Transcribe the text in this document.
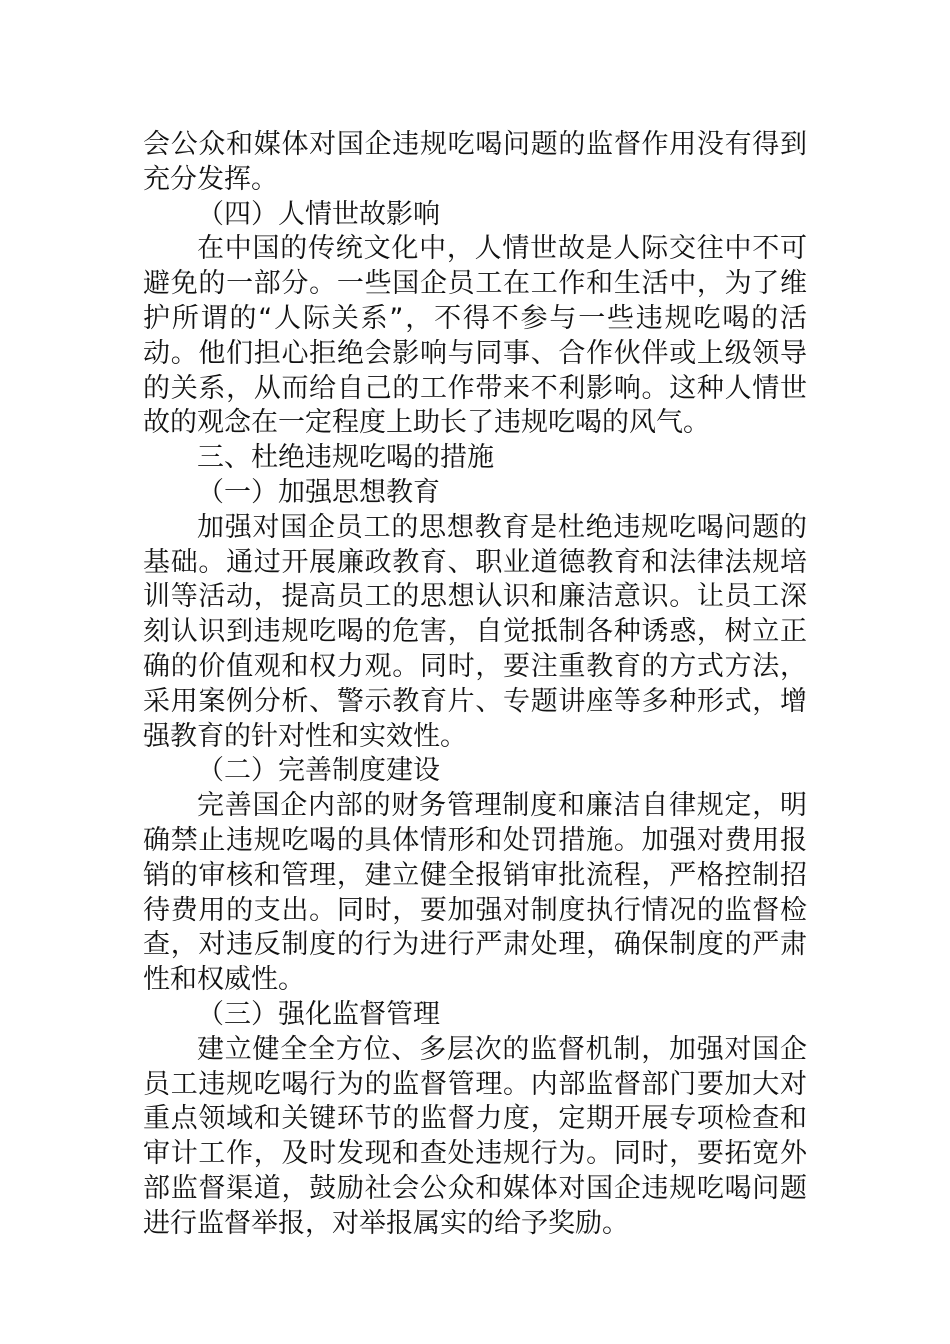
会公众和媒体对国企违规吃喝问题的监督作用没有得到充分发挥。

（四）人情世故影响

在中国的传统文化中，人情世故是人际交往中不可避免的一部分。一些国企员工在工作和生活中，为了维护所谓的“人际关系”，不得不参与一些违规吃喝的活动。他们担心拒绝会影响与同事、合作伙伴或上级领导的关系，从而给自己的工作带来不利影响。这种人情世故的观念在一定程度上助长了违规吃喝的风气。

三、杜绝违规吃喝的措施

（一）加强思想教育

加强对国企员工的思想教育是杜绝违规吃喝问题的基础。通过开展廉政教育、职业道德教育和法律法规培训等活动，提高员工的思想认识和廉洁意识。让员工深刻认识到违规吃喝的危害，自觉抵制各种诱惑，树立正确的价值观和权力观。同时，要注重教育的方式方法，采用案例分析、警示教育片、专题讲座等多种形式，增强教育的针对性和实效性。

（二）完善制度建设

完善国企内部的财务管理制度和廉洁自律规定，明确禁止违规吃喝的具体情形和处罚措施。加强对费用报销的审核和管理，建立健全报销审批流程，严格控制招待费用的支出。同时，要加强对制度执行情况的监督检查，对违反制度的行为进行严肃处理，确保制度的严肃性和权威性。

（三）强化监督管理

建立健全全方位、多层次的监督机制，加强对国企员工违规吃喝行为的监督管理。内部监督部门要加大对重点领域和关键环节的监督力度，定期开展专项检查和审计工作，及时发现和查处违规行为。同时，要拓宽外部监督渠道，鼓励社会公众和媒体对国企违规吃喝问题进行监督举报，对举报属实的给予奖励。
